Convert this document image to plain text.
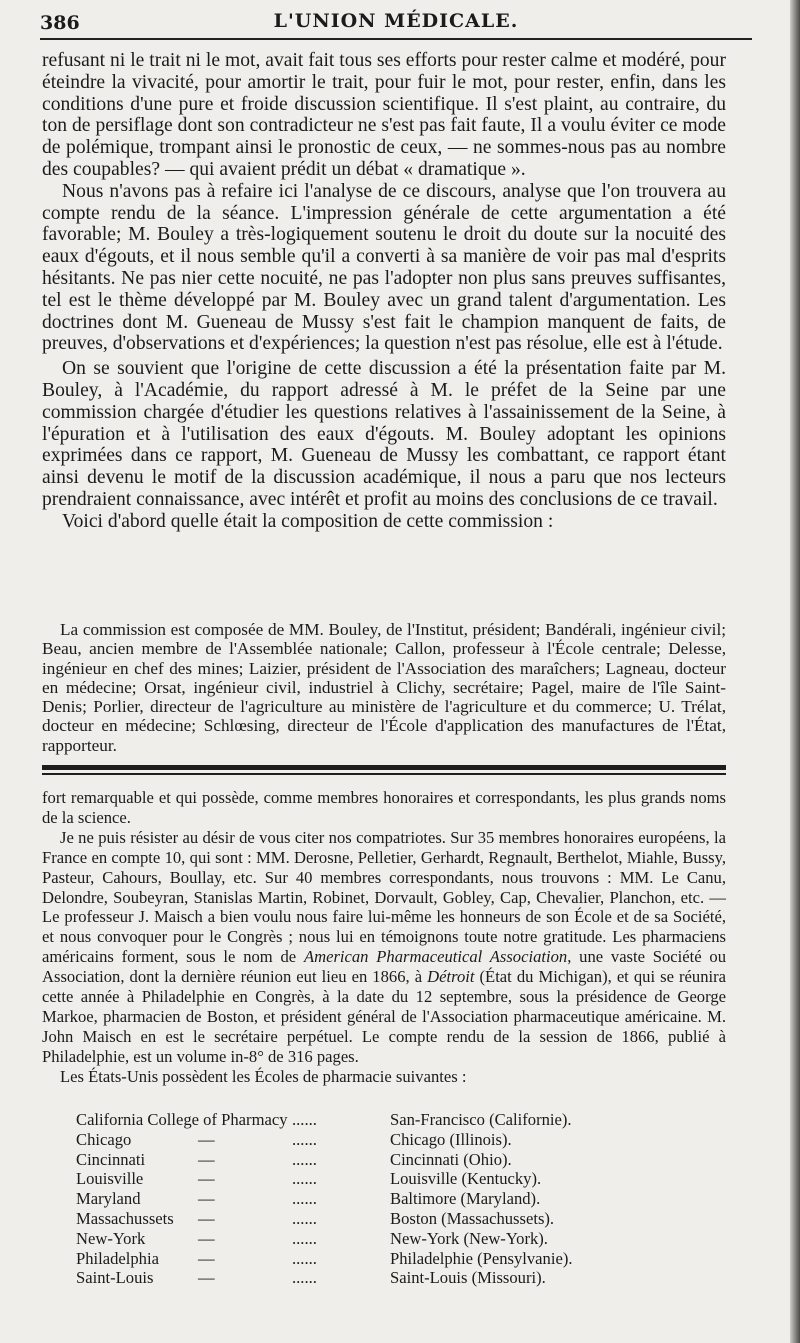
386	L'UNION MÉDICALE.

refusant ni le trait ni le mot, avait fait tous ses efforts pour rester calme et modéré, pour éteindre la vivacité, pour amortir le trait, pour fuir le mot, pour rester, enfin, dans les conditions d'une pure et froide discussion scientifique. Il s'est plaint, au contraire, du ton de persiflage dont son contradicteur ne s'est pas fait faute, Il a voulu éviter ce mode de polémique, trompant ainsi le pronostic de ceux, — ne sommes-nous pas au nombre des coupables? — qui avaient prédit un débat « dramatique ».

Nous n'avons pas à refaire ici l'analyse de ce discours, analyse que l'on trouvera au compte rendu de la séance. L'impression générale de cette argumentation a été favorable; M. Bouley a très-logiquement soutenu le droit du doute sur la nocuité des eaux d'égouts, et il nous semble qu'il a converti à sa manière de voir pas mal d'esprits hésitants. Ne pas nier cette nocuité, ne pas l'adopter non plus sans preuves suffisantes, tel est le thème développé par M. Bouley avec un grand talent d'argumentation. Les doctrines dont M. Gueneau de Mussy s'est fait le champion manquent de faits, de preuves, d'observations et d'expériences; la question n'est pas résolue, elle est à l'étude.

On se souvient que l'origine de cette discussion a été la présentation faite par M. Bouley, à l'Académie, du rapport adressé à M. le préfet de la Seine par une commission chargée d'étudier les questions relatives à l'assainissement de la Seine, à l'épuration et à l'utilisation des eaux d'égouts. M. Bouley adoptant les opinions exprimées dans ce rapport, M. Gueneau de Mussy les combattant, ce rapport étant ainsi devenu le motif de la discussion académique, il nous a paru que nos lecteurs prendraient connaissance, avec intérêt et profit au moins des conclusions de ce travail.

Voici d'abord quelle était la composition de cette commission :

La commission est composée de MM. Bouley, de l'Institut, président; Bandérali, ingénieur civil; Beau, ancien membre de l'Assemblée nationale; Callon, professeur à l'École centrale; Delesse, ingénieur en chef des mines; Laizier, président de l'Association des maraîchers; Lagneau, docteur en médecine; Orsat, ingénieur civil, industriel à Clichy, secrétaire; Pagel, maire de l'île Saint-Denis; Porlier, directeur de l'agriculture au ministère de l'agriculture et du commerce; U. Trélat, docteur en médecine; Schlœsing, directeur de l'École d'application des manufactures de l'État, rapporteur.

fort remarquable et qui possède, comme membres honoraires et correspondants, les plus grands noms de la science.

Je ne puis résister au désir de vous citer nos compatriotes. Sur 35 membres honoraires européens, la France en compte 10, qui sont : MM. Derosne, Pelletier, Gerhardt, Regnault, Berthelot, Miahle, Bussy, Pasteur, Cahours, Boullay, etc. Sur 40 membres correspondants, nous trouvons : MM. Le Canu, Delondre, Soubeyran, Stanislas Martin, Robinet, Dorvault, Gobley, Cap, Chevalier, Planchon, etc. —Le professeur J. Maisch a bien voulu nous faire lui-même les honneurs de son École et de sa Société, et nous convoquer pour le Congrès ; nous lui en témoignons toute notre gratitude. Les pharmaciens américains forment, sous le nom de American Pharmaceutical Association, une vaste Société ou Association, dont la dernière réunion eut lieu en 1866, à Détroit (État du Michigan), et qui se réunira cette année à Philadelphie en Congrès, à la date du 12 septembre, sous la présidence de George Markoe, pharmacien de Boston, et président général de l'Association pharmaceutique américaine. M. John Maisch en est le secrétaire perpétuel. Le compte rendu de la session de 1866, publié à Philadelphie, est un volume in-8° de 316 pages.

Les États-Unis possèdent les Écoles de pharmacie suivantes :

California College of Pharmacy ......	San-Francisco (Californie).
Chicago	—	......	Chicago (Illinois).
Cincinnati	—	......	Cincinnati (Ohio).
Louisville	—	......	Louisville (Kentucky).
Maryland	—	......	Baltimore (Maryland).
Massachussets —	......	Boston (Massachussets).
New-York	—	......	New-York (New-York).
Philadelphia —	......	Philadelphie (Pensylvanie).
Saint-Louis	—	......	Saint-Louis (Missouri).
